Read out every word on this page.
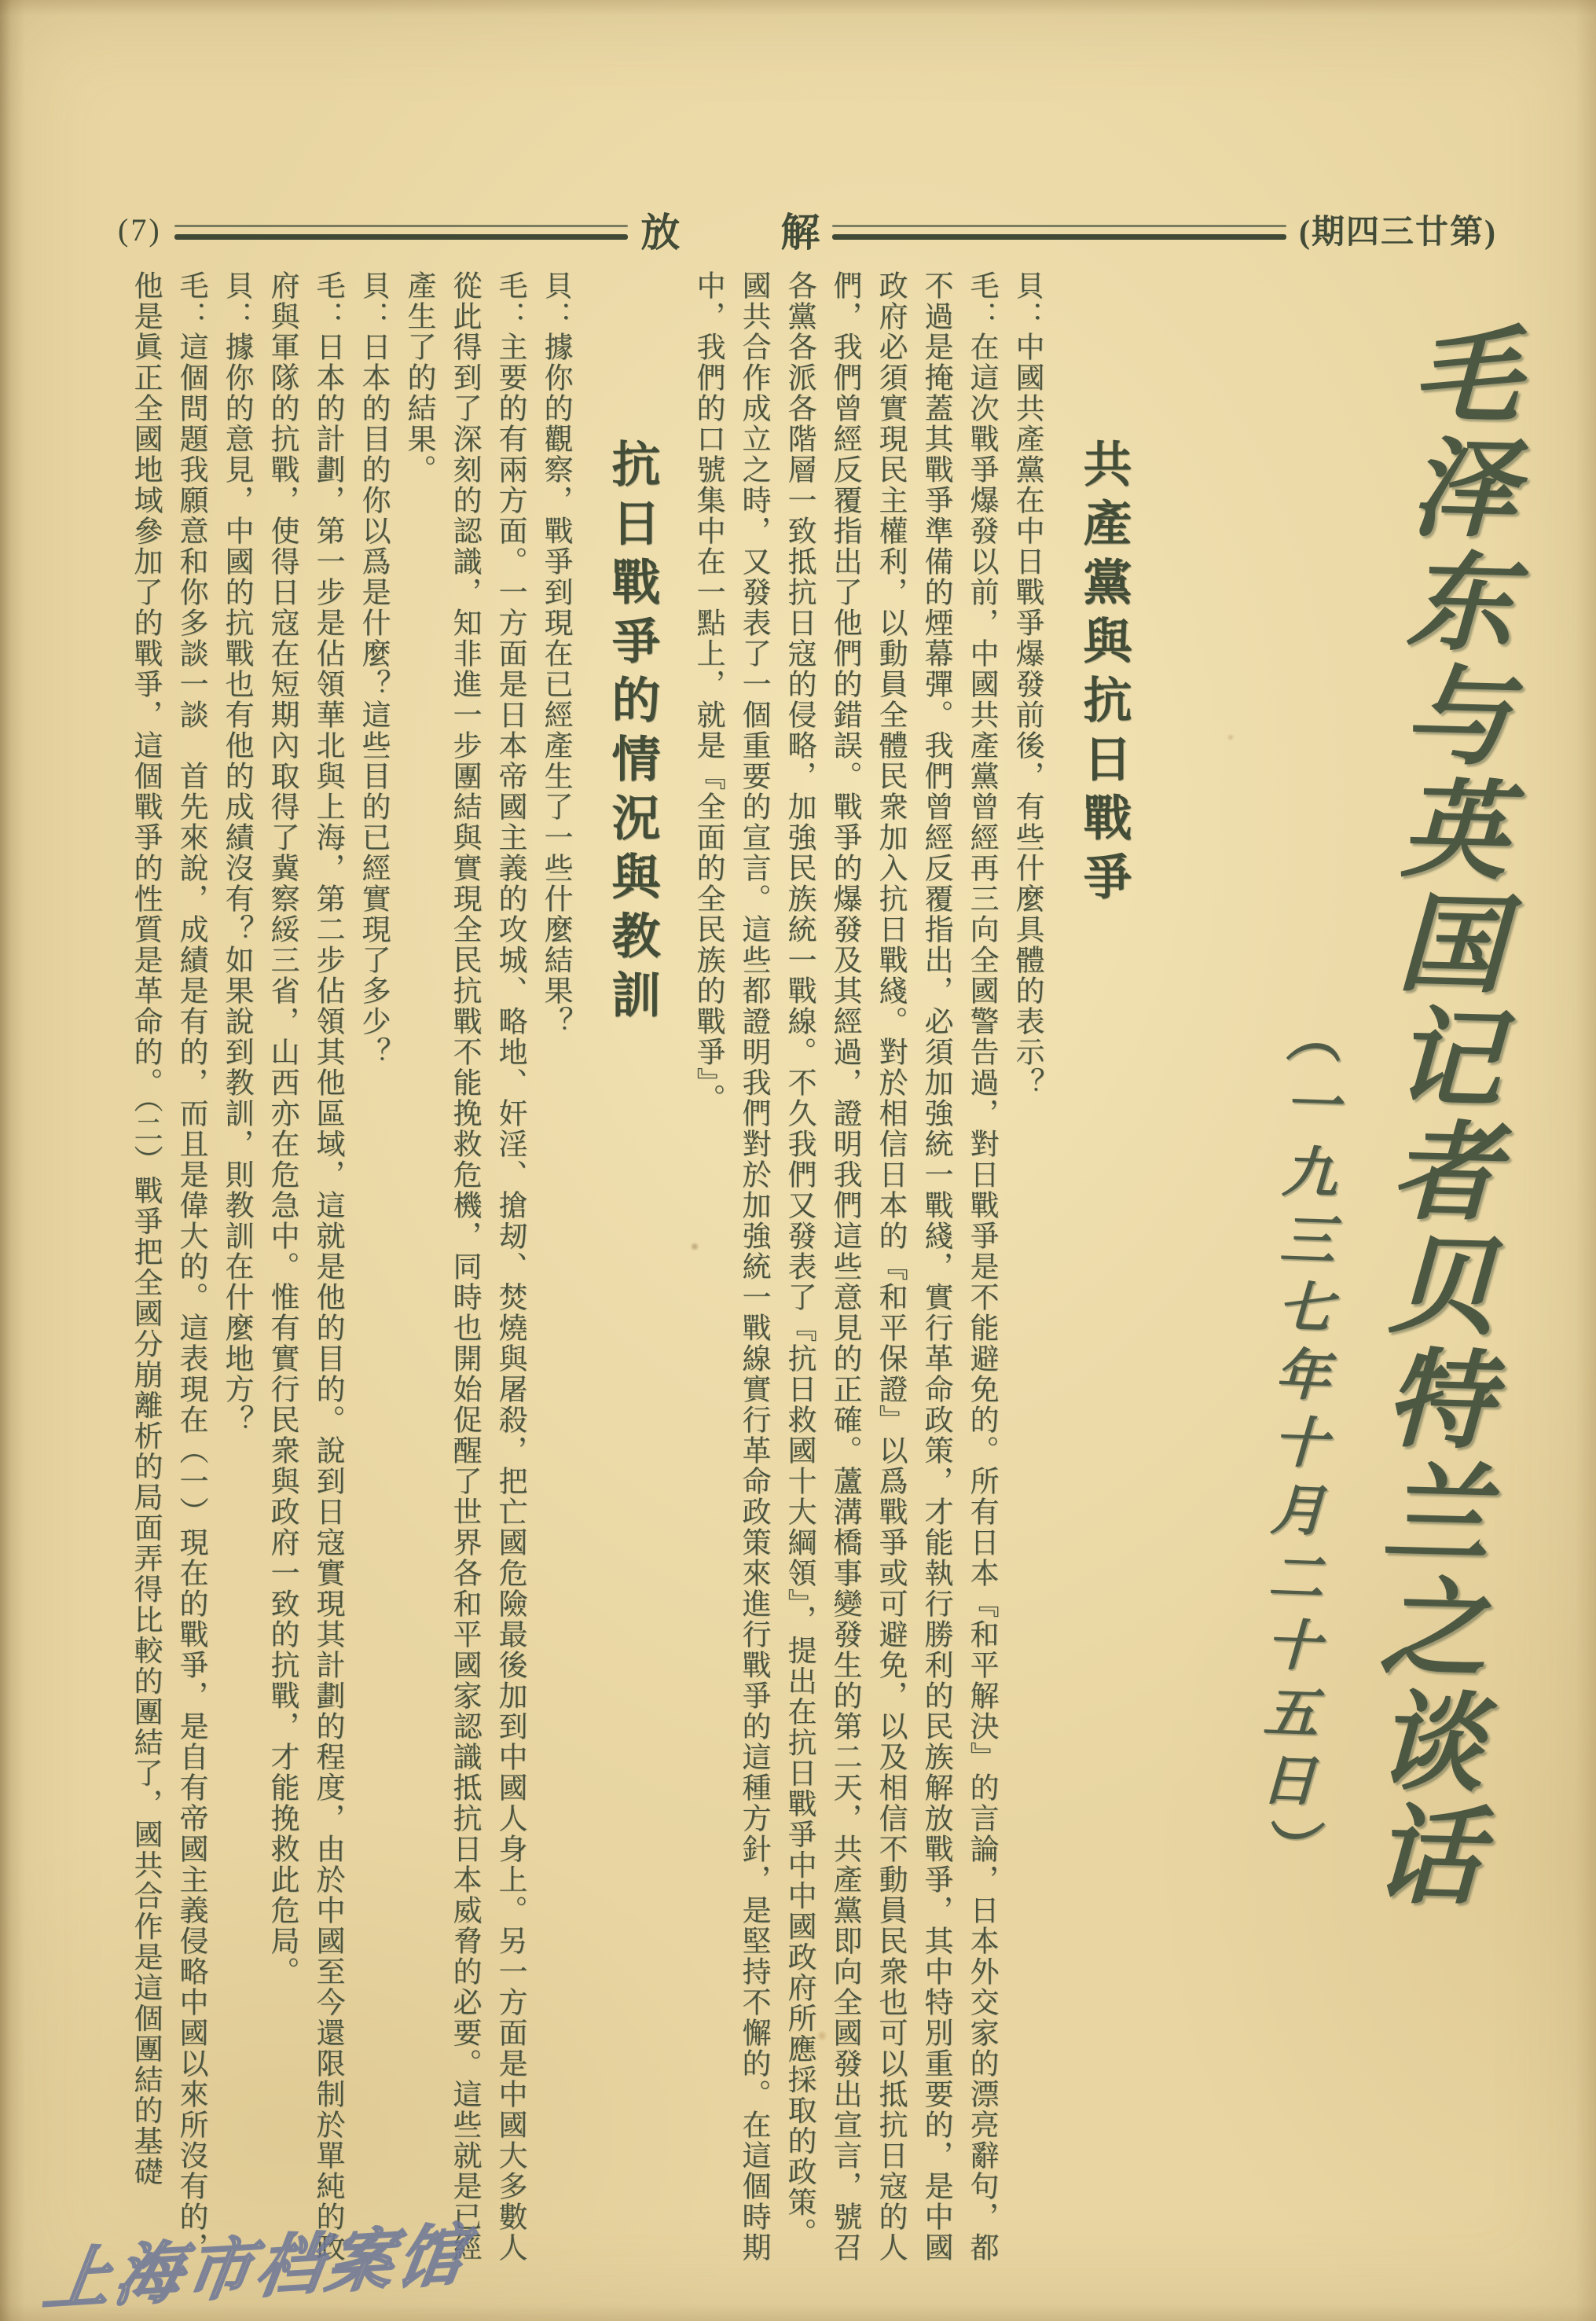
(7)	放	解	(期四三廿第)
毛泽东与英国记者贝特兰之谈话
（一九三七年十月二十五日）
共產黨與抗日戰爭

貝：中國共產黨在中日戰爭爆發前後，有些什麼具體的表示？

毛：在這次戰爭爆發以前，中國共產黨曾經再三向全國警告過，對日戰爭是不能避免的。所有日本『和平解決』的言論，日本外交家的漂亮辭句，都不過是掩蓋其戰爭準備的煙幕彈。我們曾經反覆指出，必須加強統一戰綫，實行革命政策，才能執行勝利的民族解放戰爭，其中特別重要的，是中國政府必須實現民主權利，以動員全體民衆加入抗日戰綫。對於相信日本的『和平保證』以爲戰爭或可避免，以及相信不動員民衆也可以抵抗日寇的人們，我們曾經反覆指出了他們的錯誤。戰爭的爆發及其經過，證明我們這些意見的正確。蘆溝橋事變發生的第二天，共產黨即向全國發出宣言，號召各黨各派各階層一致抵抗日寇的侵略，加強民族統一戰線。不久我們又發表了『抗日救國十大綱領』，提出在抗日戰爭中中國政府所應採取的政策。國共合作成立之時，又發表了一個重要的宣言。這些都證明我們對於加強統一戰線實行革命政策來進行戰爭的這種方針，是堅持不懈的。在這個時期中，我們的口號集中在一點上，就是『全面的全民族的戰爭』。

抗日戰爭的情況與教訓

貝：據你的觀察，戰爭到現在已經產生了一些什麼結果？

毛：主要的有兩方面。一方面是日本帝國主義的攻城、略地、奸淫、搶刼、焚燒與屠殺，把亡國危險最後加到中國人身上。另一方面是中國大多數人從此得到了深刻的認識，知非進一步團結與實現全民抗戰不能挽救危機，同時也開始促醒了世界各和平國家認識抵抗日本威脅的必要。這些就是已經產生了的結果。

貝：日本的目的你以爲是什麼？這些目的已經實現了多少？

毛：日本的計劃，第一步是佔領華北與上海，第二步佔領其他區域，這就是他的目的。說到日寇實現其計劃的程度，由於中國至今還限制於單純的政府與軍隊的抗戰，使得日寇在短期內取得了冀察綏三省，山西亦在危急中。惟有實行民衆與政府一致的抗戰，才能挽救此危局。

貝：據你的意見，中國的抗戰也有他的成績沒有？如果說到教訓，則教訓在什麼地方？

毛：這個問題我願意和你多談一談　首先來說，成績是有的，而且是偉大的。這表現在（一）現在的戰爭，是自有帝國主義侵略中國以來所沒有的，他是眞正全國地域參加了的戰爭，這個戰爭的性質是革命的。（二）戰爭把全國分崩離析的局面弄得比較的團結了，國共合作是這個團結的基礎

上海市档案馆
